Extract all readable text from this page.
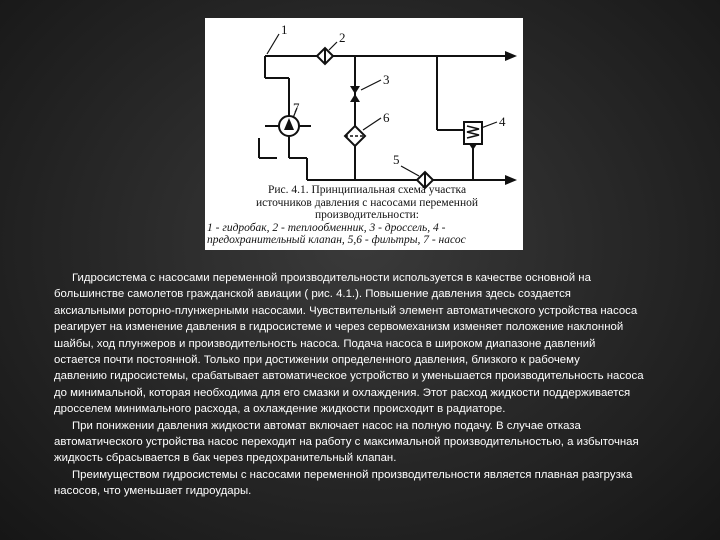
1
2
3
7
6	4
5
Рис. 4.1. Принципиальная схема участка
источников давления с насосами переменной
производительности:
1 - гидробак, 2 - теплообменник, 3 - дроссель, 4 -
предохранительный клапан, 5,6 - фильтры, 7 - насос
Гидросистема с насосами переменной производительности используется в качестве основной на
большинстве самолетов гражданской авиации ( рис. 4.1.). Повышение давления здесь создается
аксиальными роторно-плунжерными насосами. Чувствительный элемент автоматического устройства насоса
реагирует на изменение давления в гидросистеме и через сервомеханизм изменяет положение наклонной
шайбы, ход плунжеров и производительность насоса. Подача насоса в широком диапазоне давлений
остается почти постоянной. Только при достижении определенного давления, близкого к рабочему
давлению гидросистемы, срабатывает автоматическое устройство и уменьшается производительность насоса
до минимальной, которая необходима для его смазки и охлаждения. Этот расход жидкости поддерживается
дросселем минимального расхода, а охлаждение жидкости происходит в радиаторе.
При понижении давления жидкости автомат включает насос на полную подачу. В случае отказа
автоматического устройства насос переходит на работу с максимальной производительностью, а избыточная
жидкость сбрасывается в бак через предохранительный клапан.
Преимуществом гидросистемы с насосами переменной производительности является плавная разгрузка
насосов, что уменьшает гидроудары.
